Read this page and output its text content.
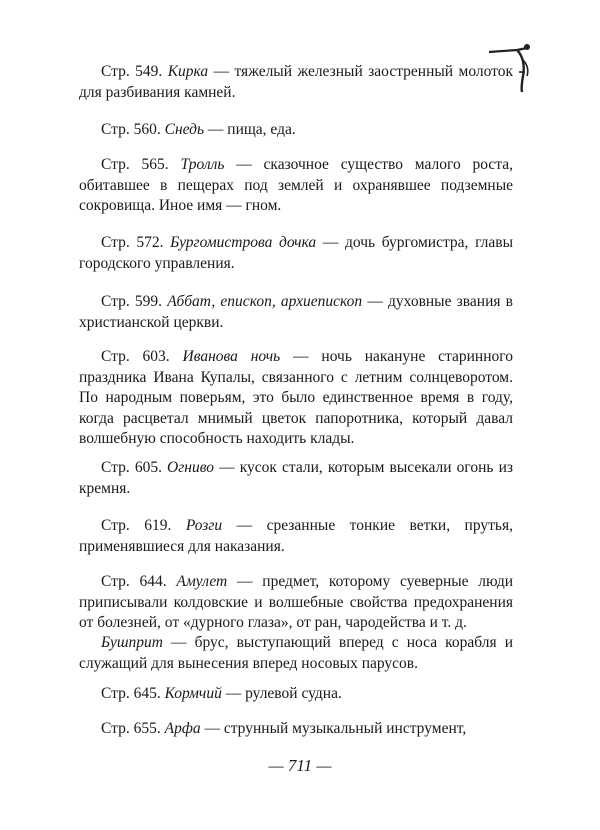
Стр. 549. Кирка — тяжелый железный заостренный молоток для разбивания камней.
Стр. 560. Снедь — пища, еда.
Стр. 565. Тролль — сказочное существо малого роста, обитавшее в пещерах под землей и охранявшее подземные сокровища. Иное имя — гном.
Стр. 572. Бургомистрова дочка — дочь бургомистра, главы городского управления.
Стр. 599. Аббат, епископ, архиепископ — духовные звания в христианской церкви.
Стр. 603. Иванова ночь — ночь накануне старинного праздника Ивана Купалы, связанного с летним солнцеворотом. По народным поверьям, это было единственное время в году, когда расцветал мнимый цветок папоротника, который давал волшебную способность находить клады.
Стр. 605. Огниво — кусок стали, которым высекали огонь из кремня.
Стр. 619. Розги — срезанные тонкие ветки, прутья, применявшиеся для наказания.
Стр. 644. Амулет — предмет, которому суеверные люди приписывали колдовские и волшебные свойства предохранения от болезней, от «дурного глаза», от ран, чародейства и т. д.
Бушприт — брус, выступающий вперед с носа корабля и служащий для вынесения вперед носовых парусов.
Стр. 645. Кормчий — рулевой судна.
Стр. 655. Арфа — струнный музыкальный инструмент,
— 711 —
